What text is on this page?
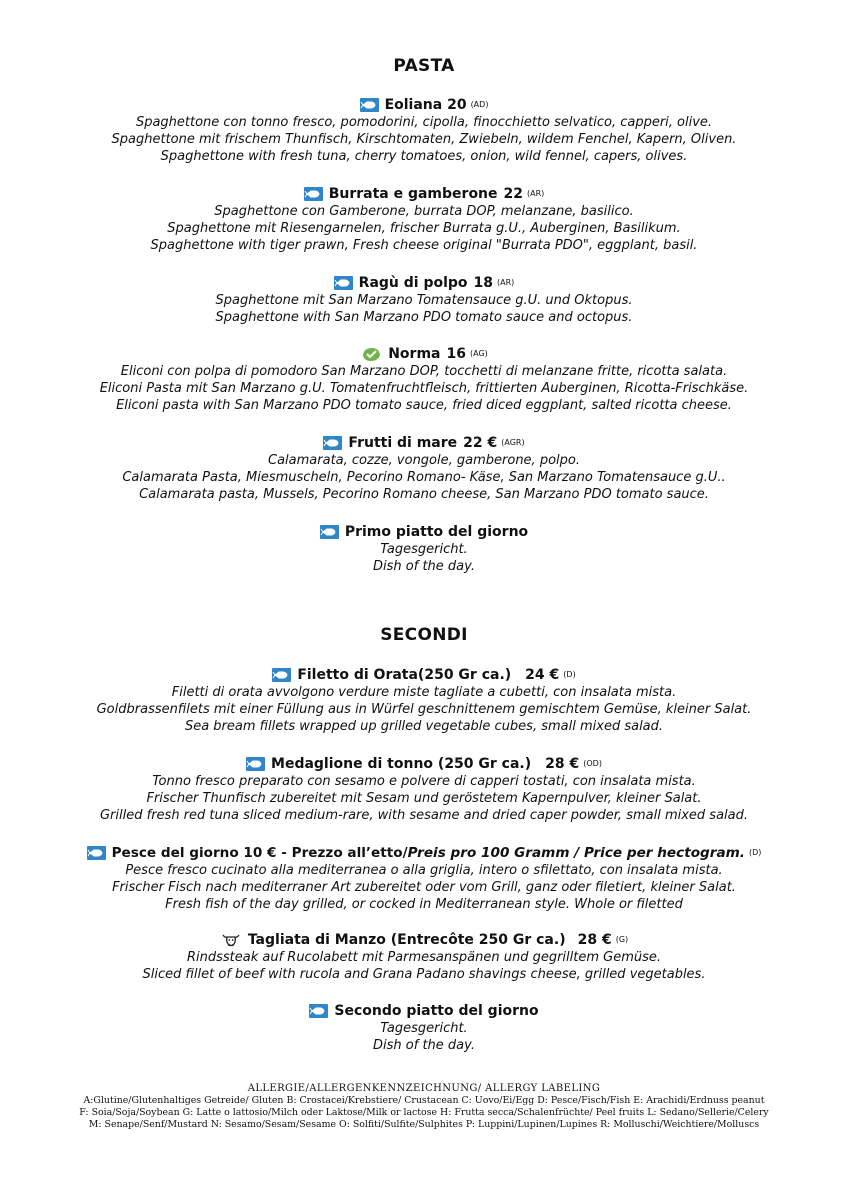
PASTA
Eoliana 20 (AD)

Spaghettone con tonno fresco, pomodorini, cipolla, finocchietto selvatico, capperi, olive.

Spaghettone mit frischem Thunfisch, Kirschtomaten, Zwiebeln, wildem Fenchel, Kapern, Oliven.

Spaghettone with fresh tuna, cherry tomatoes, onion, wild fennel, capers, olives.

Burrata e gamberone 22 (AR)

Spaghettone con Gamberone, burrata DOP, melanzane, basilico.

Spaghettone mit Riesengarnelen, frischer Burrata g.U., Auberginen, Basilikum.

Spaghettone with tiger prawn, Fresh cheese original "Burrata PDO", eggplant, basil.

Ragù di polpo 18 (AR)

Spaghettone mit San Marzano Tomatensauce g.U. und Oktopus.

Spaghettone with San Marzano PDO tomato sauce and octopus.

Norma 16 (AG)

Eliconi con polpa di pomodoro San Marzano DOP, tocchetti di melanzane fritte, ricotta salata.

Eliconi Pasta mit San Marzano g.U. Tomatenfruchtfleisch, frittierten Auberginen, Ricotta-Frischkäse.

Eliconi pasta with San Marzano PDO tomato sauce, fried diced eggplant, salted ricotta cheese.

Frutti di mare 22 € (AGR)

Calamarata, cozze, vongole, gamberone, polpo.

Calamarata Pasta, Miesmuscheln, Pecorino Romano- Käse, San Marzano Tomatensauce g.U..

Calamarata pasta, Mussels, Pecorino Romano cheese, San Marzano PDO tomato sauce.

Primo piatto del giorno

Tagesgericht.

Dish of the day.

SECONDI
Filetto di Orata(250 Gr ca.) 24 € (D)

Filetti di orata avvolgono verdure miste tagliate a cubetti, con insalata mista.

Goldbrassenfilets mit einer Füllung aus in Würfel geschnittenem gemischtem Gemüse, kleiner Salat.

Sea bream fillets wrapped up grilled vegetable cubes, small mixed salad.

Medaglione di tonno (250 Gr ca.) 28 € (OD)

Tonno fresco preparato con sesamo e polvere di capperi tostati, con insalata mista.

Frischer Thunfisch zubereitet mit Sesam und geröstetem Kapernpulver, kleiner Salat.

Grilled fresh red tuna sliced medium-rare, with sesame and dried caper powder, small mixed salad.

Pesce del giorno 10 € - Prezzo all’etto/ Preis pro 100 Gramm / Price per hectogram. (D)

Pesce fresco cucinato alla mediterranea o alla griglia, intero o sfilettato, con insalata mista.

Frischer Fisch nach mediterraner Art zubereitet oder vom Grill, ganz oder filetiert, kleiner Salat.

Fresh fish of the day grilled, or cocked in Mediterranean style. Whole or filetted

Tagliata di Manzo (Entrecôte 250 Gr ca.) 28 € (G)

Rindssteak auf Rucolabett mit Parmesanspänen und gegrilltem Gemüse.

Sliced fillet of beef with rucola and Grana Padano shavings cheese, grilled vegetables.

Secondo piatto del giorno

Tagesgericht.

Dish of the day.

ALLERGIE/ALLERGENKENNZEICHNUNG/ ALLERGY LABELING
A:Glutine/Glutenhaltiges Getreide/ Gluten B: Crostacei/Krebstiere/ Crustacean C: Uovo/Ei/Egg D: Pesce/Fisch/Fish E: Arachidi/Erdnuss peanut
F: Soia/Soja/Soybean G: Latte o lattosio/Milch oder Laktose/Milk or lactose H: Frutta secca/Schalenfrüchte/ Peel fruits L: Sedano/Sellerie/Celery
M: Senape/Senf/Mustard N: Sesamo/Sesam/Sesame O: Solfiti/Sulfite/Sulphites P: Luppini/Lupinen/Lupines R: Molluschi/Weichtiere/Molluscs
